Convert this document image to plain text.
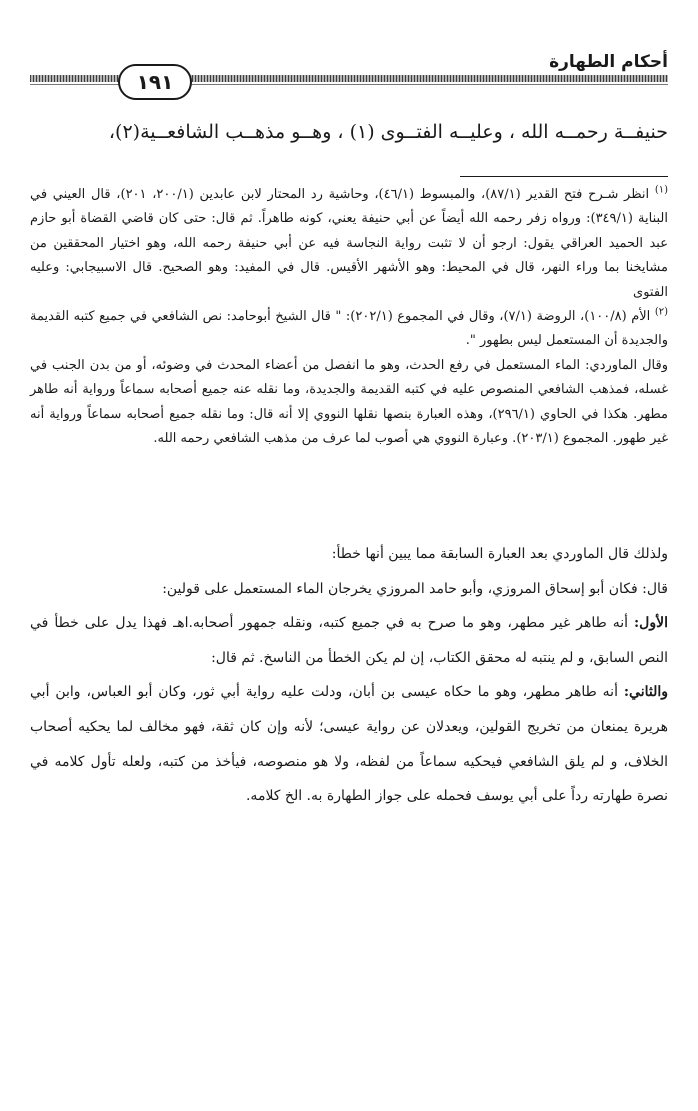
أحكام الطهارة
١٩١
حنيفــة رحمــه الله ، وعليــه الفتــوى (١) ، وهــو مذهــب الشافعــية(٢)،

$^{(١)}$ انظر شـرح فتح القدير (٨٧/١)، والمبسوط (٤٦/١)، وحاشية رد المحتار لابن عابدين (٢٠٠/١، ٢٠١)، قال العيني في البناية (٣٤٩/١): ورواه زفر رحمه الله أيضاً عن أبي حنيفة يعني، كونه طاهراً. ثم قال: حتى كان قاضي القضاة أبو حازم عبد الحميد العراقي يقول: ارجو أن لا تثبت رواية النجاسة فيه عن أبي حنيفة رحمه الله، وهو اختيار المحققين من مشايخنا بما وراء النهر، قال في المحيط: وهو الأشهر الأقيس. قال في المفيد: وهو الصحيح. قال الاسبيجابي: وعليه الفتوى

$^{(٢)}$ الأم (١٠٠/٨)، الروضة (٧/١)، وقال في المجموع (٢٠٢/١): " قال الشيخ أبوحامد: نص الشافعي في جميع كتبه القديمة والجديدة أن المستعمل ليس بطهور ".

وقال الماوردي: الماء المستعمل في رفع الحدث، وهو ما انفصل من أعضاء المحدث في وضوئه، أو من بدن الجنب في غسله، فمذهب الشافعي المنصوص عليه في كتبه القديمة والجديدة، وما نقله عنه جميع أصحابه سماعاً ورواية أنه طاهر مطهر. هكذا في الحاوي (٢٩٦/١)، وهذه العبارة بنصها نقلها النووي إلا أنه قال: وما نقله جميع أصحابه سماعاً ورواية أنه غير طهور. المجموع (٢٠٣/١). وعبارة النووي هي أصوب لما عرف من مذهب الشافعي رحمه الله.

ولذلك قال الماوردي بعد العبارة السابقة مما يبين أنها خطأ:

قال: فكان أبو إسحاق المروزي، وأبو حامد المروزي يخرجان الماء المستعمل على قولين:

الأول: أنه طاهر غير مطهر، وهو ما صرح به في جميع كتبه، ونقله جمهور أصحابه.اهـ فهذا يدل على خطأ في النص السابق، و لم ينتبه له محقق الكتاب، إن لم يكن الخطأ من الناسخ. ثم قال:

والثاني: أنه طاهر مطهر، وهو ما حكاه عيسى بن أبان، ودلت عليه رواية أبي ثور، وكان أبو العباس، وابن أبي هريرة يمنعان من تخريج القولين، ويعدلان عن رواية عيسى؛ لأنه وإن كان ثقة، فهو مخالف لما يحكيه أصحاب الخلاف، و لم يلق الشافعي فيحكيه سماعاً من لفظه، ولا هو منصوصه، فيأخذ من كتبه، ولعله تأول كلامه في نصرة طهارته رداً على أبي يوسف فحمله على جواز الطهارة به. الخ كلامه.
